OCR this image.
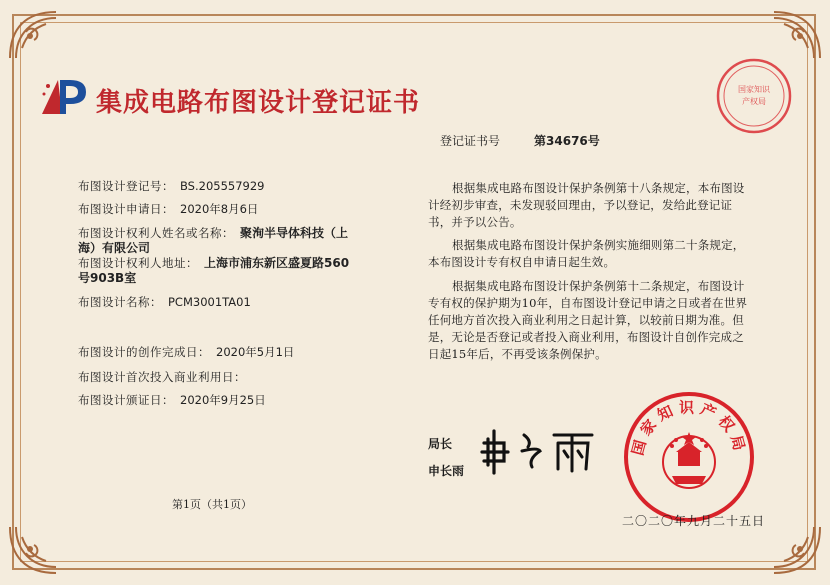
集成电路布图设计登记证书
布图设计登记号： BS.205557929
布图设计申请日： 2020年8月6日
布图设计权利人姓名或名称： 聚洵半导体科技（上
海）有限公司
布图设计权利人地址： 上海市浦东新区盛夏路560
号903B室
布图设计名称： PCM3001TA01
布图设计的创作完成日： 2020年5月1日
布图设计首次投入商业利用日：
布图设计颁证日： 2020年9月25日
第1页（共1页）
登记证书号	第34676号
根据集成电路布图设计保护条例第十八条规定，本布图设计经初步审查，未发现驳回理由，予以登记，发给此登记证书，并予以公告。
根据集成电路布图设计保护条例实施细则第二十条规定，本布图设计专有权自申请日起生效。
根据集成电路布图设计保护条例第十二条规定，布图设计专有权的保护期为10年，自布图设计登记申请之日或者在世界任何地方首次投入商业利用之日起计算，以较前日期为准。但是，无论是否登记或者投入商业利用，布图设计自创作完成之日起15年后，不再受该条例保护。
局长
申长雨
国家知识
产权局
国家知识产权局
二〇二〇年九月二十五日
